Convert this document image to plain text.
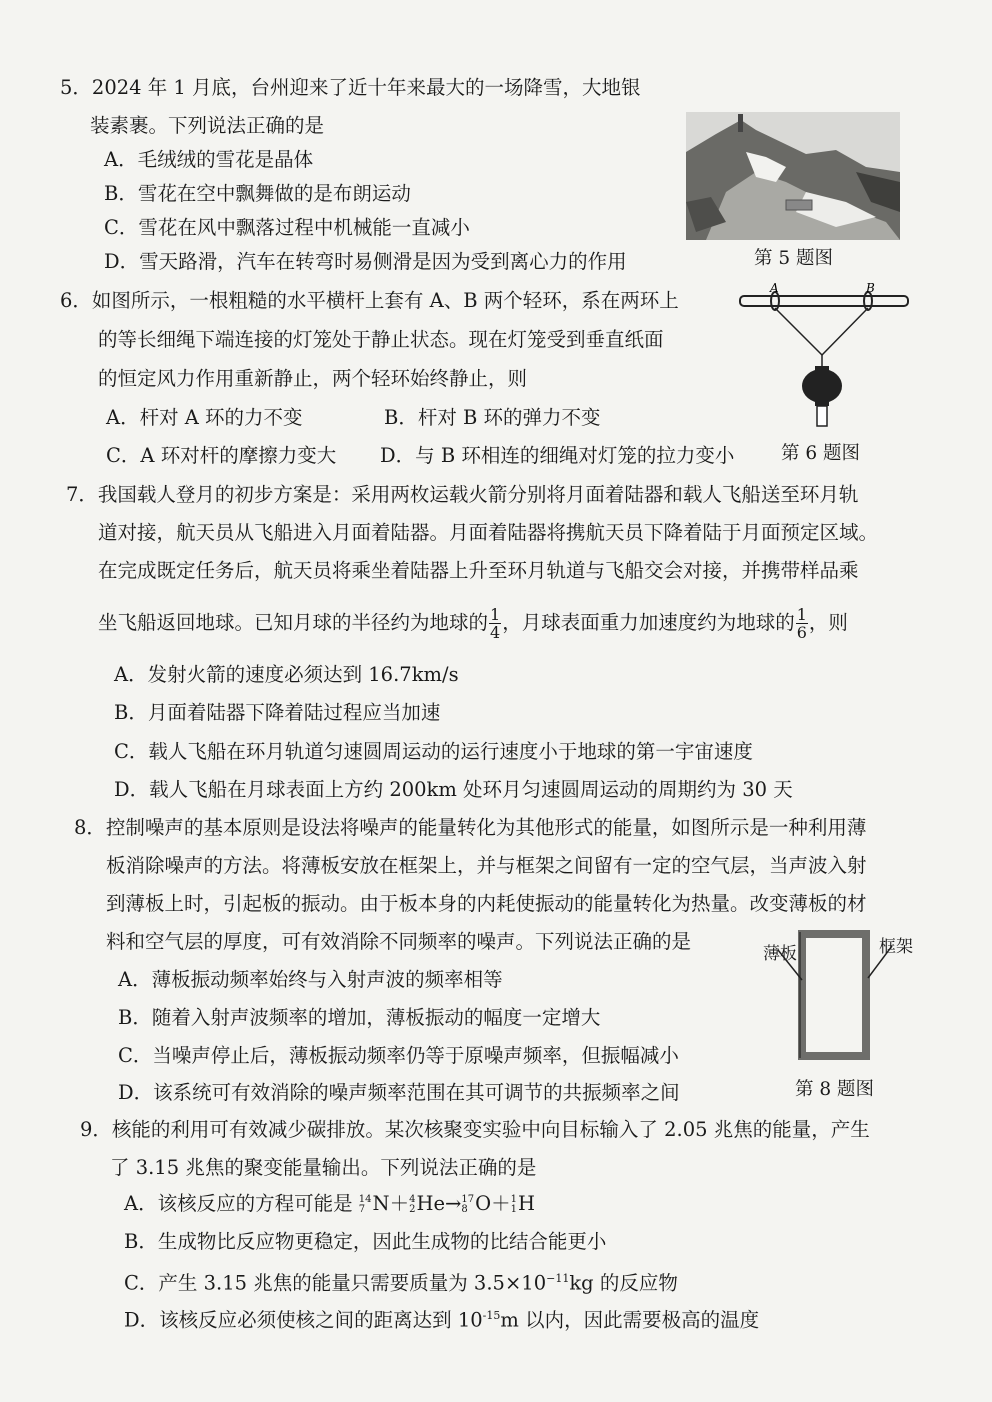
5．2024 年 1 月底，台州迎来了近十年来最大的一场降雪，大地银
装素裹。下列说法正确的是
A．毛绒绒的雪花是晶体
B．雪花在空中飘舞做的是布朗运动
C．雪花在风中飘落过程中机械能一直减小
D．雪天路滑，汽车在转弯时易侧滑是因为受到离心力的作用	第 5 题图
6．如图所示，一根粗糙的水平横杆上套有 A、B 两个轻环，系在两环上
的等长细绳下端连接的灯笼处于静止状态。现在灯笼受到垂直纸面
的恒定风力作用重新静止，两个轻环始终静止，则
A．杆对 A 环的力不变	B．杆对 B 环的弹力不变
C．A 环对杆的摩擦力变大 D．与 B 环相连的细绳对灯笼的拉力变小
A	B
第 6 题图
7．我国载人登月的初步方案是：采用两枚运载火箭分别将月面着陆器和载人飞船送至环月轨
道对接，航天员从飞船进入月面着陆器。月面着陆器将携航天员下降着陆于月面预定区域。
在完成既定任务后，航天员将乘坐着陆器上升至环月轨道与飞船交会对接，并携带样品乘
坐飞船返回地球。已知月球的半径约为地球的 $\frac{1}{4}$ ，月球表面重力加速度约为地球的 $\frac{1}{6}$ ，则
A．发射火箭的速度必须达到 16.7km/s
B．月面着陆器下降着陆过程应当加速
C．载人飞船在环月轨道匀速圆周运动的运行速度小于地球的第一宇宙速度
D．载人飞船在月球表面上方约 200km 处环月匀速圆周运动的周期约为 30 天
8．控制噪声的基本原则是设法将噪声的能量转化为其他形式的能量，如图所示是一种利用薄
板消除噪声的方法。将薄板安放在框架上，并与框架之间留有一定的空气层，当声波入射
到薄板上时，引起板的振动。由于板本身的内耗使振动的能量转化为热量。改变薄板的材
料和空气层的厚度，可有效消除不同频率的噪声。下列说法正确的是
A．薄板振动频率始终与入射声波的频率相等
B．随着入射声波频率的增加，薄板振动的幅度一定增大
C．当噪声停止后，薄板振动频率仍等于原噪声频率，但振幅减小
D．该系统可有效消除的噪声频率范围在其可调节的共振频率之间
薄板	框架
第 8 题图
9．核能的利用可有效减少碳排放。某次核聚变实验中向目标输入了 2.05 兆焦的能量，产生
了 3.15 兆焦的聚变能量输出。下列说法正确的是
A．该核反应的方程可能是 14
7 N＋ 4
2 He→ 17
8 O＋ 1
1 H
B．生成物比反应物更稳定，因此生成物的比结合能更小
C．产生 3.15 兆焦的能量只需要质量为 $3.5\times 10^{-11}kg$ 的反应物
D．该核反应必须使核之间的距离达到 $10^{-15}m$ 以内，因此需要极高的温度
